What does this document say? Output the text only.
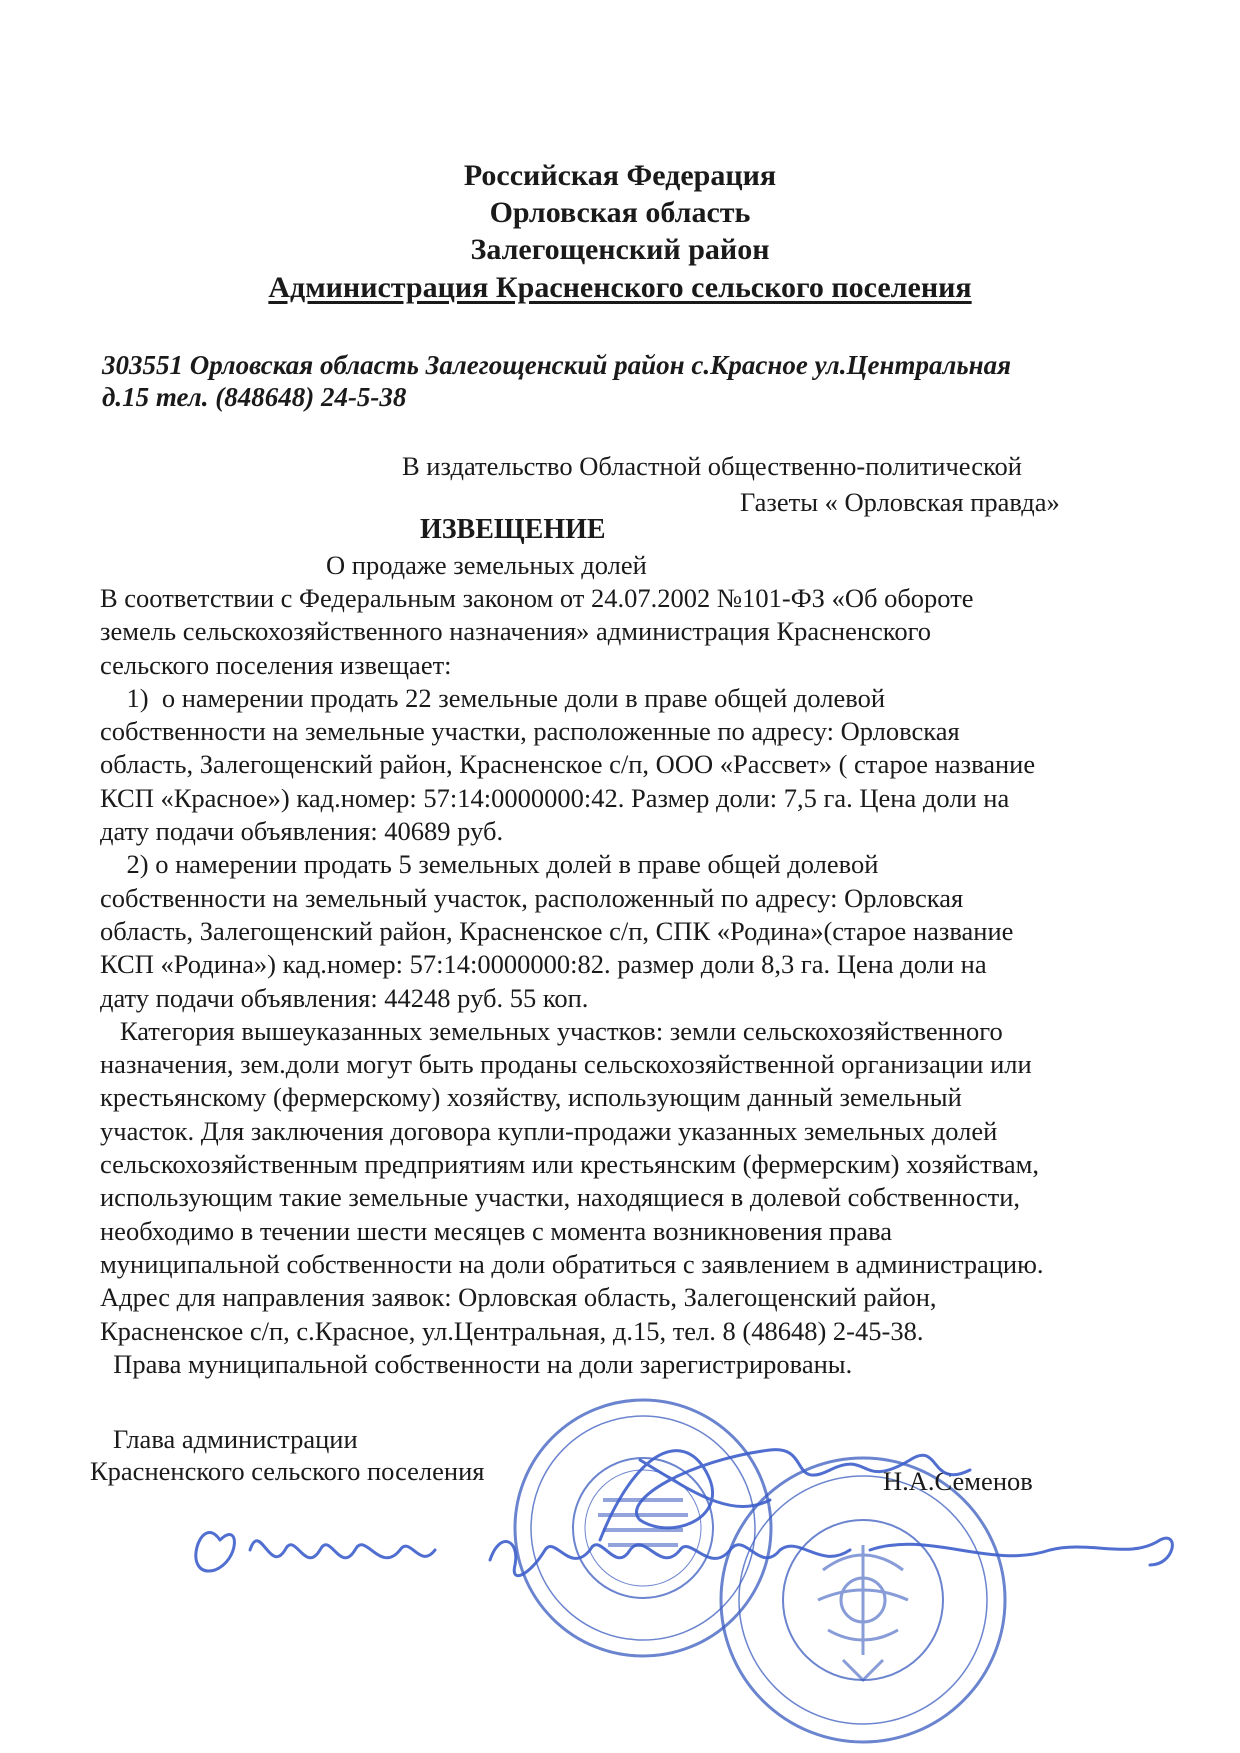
Российская Федерация
Орловская область
Залегощенский район
Администрация Красненского сельского поселения
303551 Орловская область Залегощенский район с.Красное ул.Центральная
д.15 тел. (848648) 24-5-38
В издательство Областной общественно-политической
Газеты « Орловская правда»
ИЗВЕЩЕНИЕ
О продаже земельных долей
В соответствии с Федеральным законом от 24.07.2002 №101-ФЗ «Об обороте
земель сельскохозяйственного назначения» администрация Красненского
сельского поселения извещает:
1)  о намерении продать 22 земельные доли в праве общей долевой
собственности на земельные участки, расположенные по адресу: Орловская
область, Залегощенский район, Красненское с/п, ООО «Рассвет» ( старое название
КСП «Красное») кад.номер: 57:14:0000000:42. Размер доли: 7,5 га. Цена доли на
дату подачи объявления: 40689 руб.
2) о намерении продать 5 земельных долей в праве общей долевой
собственности на земельный участок, расположенный по адресу: Орловская
область, Залегощенский район, Красненское с/п, СПК «Родина»(старое название
КСП «Родина») кад.номер: 57:14:0000000:82. размер доли 8,3 га. Цена доли на
дату подачи объявления: 44248 руб. 55 коп.
Категория вышеуказанных земельных участков: земли сельскохозяйственного
назначения, зем.доли могут быть проданы сельскохозяйственной организации или
крестьянскому (фермерскому) хозяйству, использующим данный земельный
участок. Для заключения договора купли-продажи указанных земельных долей
сельскохозяйственным предприятиям или крестьянским (фермерским) хозяйствам,
использующим такие земельные участки, находящиеся в долевой собственности,
необходимо в течении шести месяцев с момента возникновения права
муниципальной собственности на доли обратиться с заявлением в администрацию.
Адрес для направления заявок: Орловская область, Залегощенский район,
Красненское с/п, с.Красное, ул.Центральная, д.15, тел. 8 (48648) 2-45-38.
Права муниципальной собственности на доли зарегистрированы.
Глава администрации
Красненского сельского поселения	Н.А.Семенов
